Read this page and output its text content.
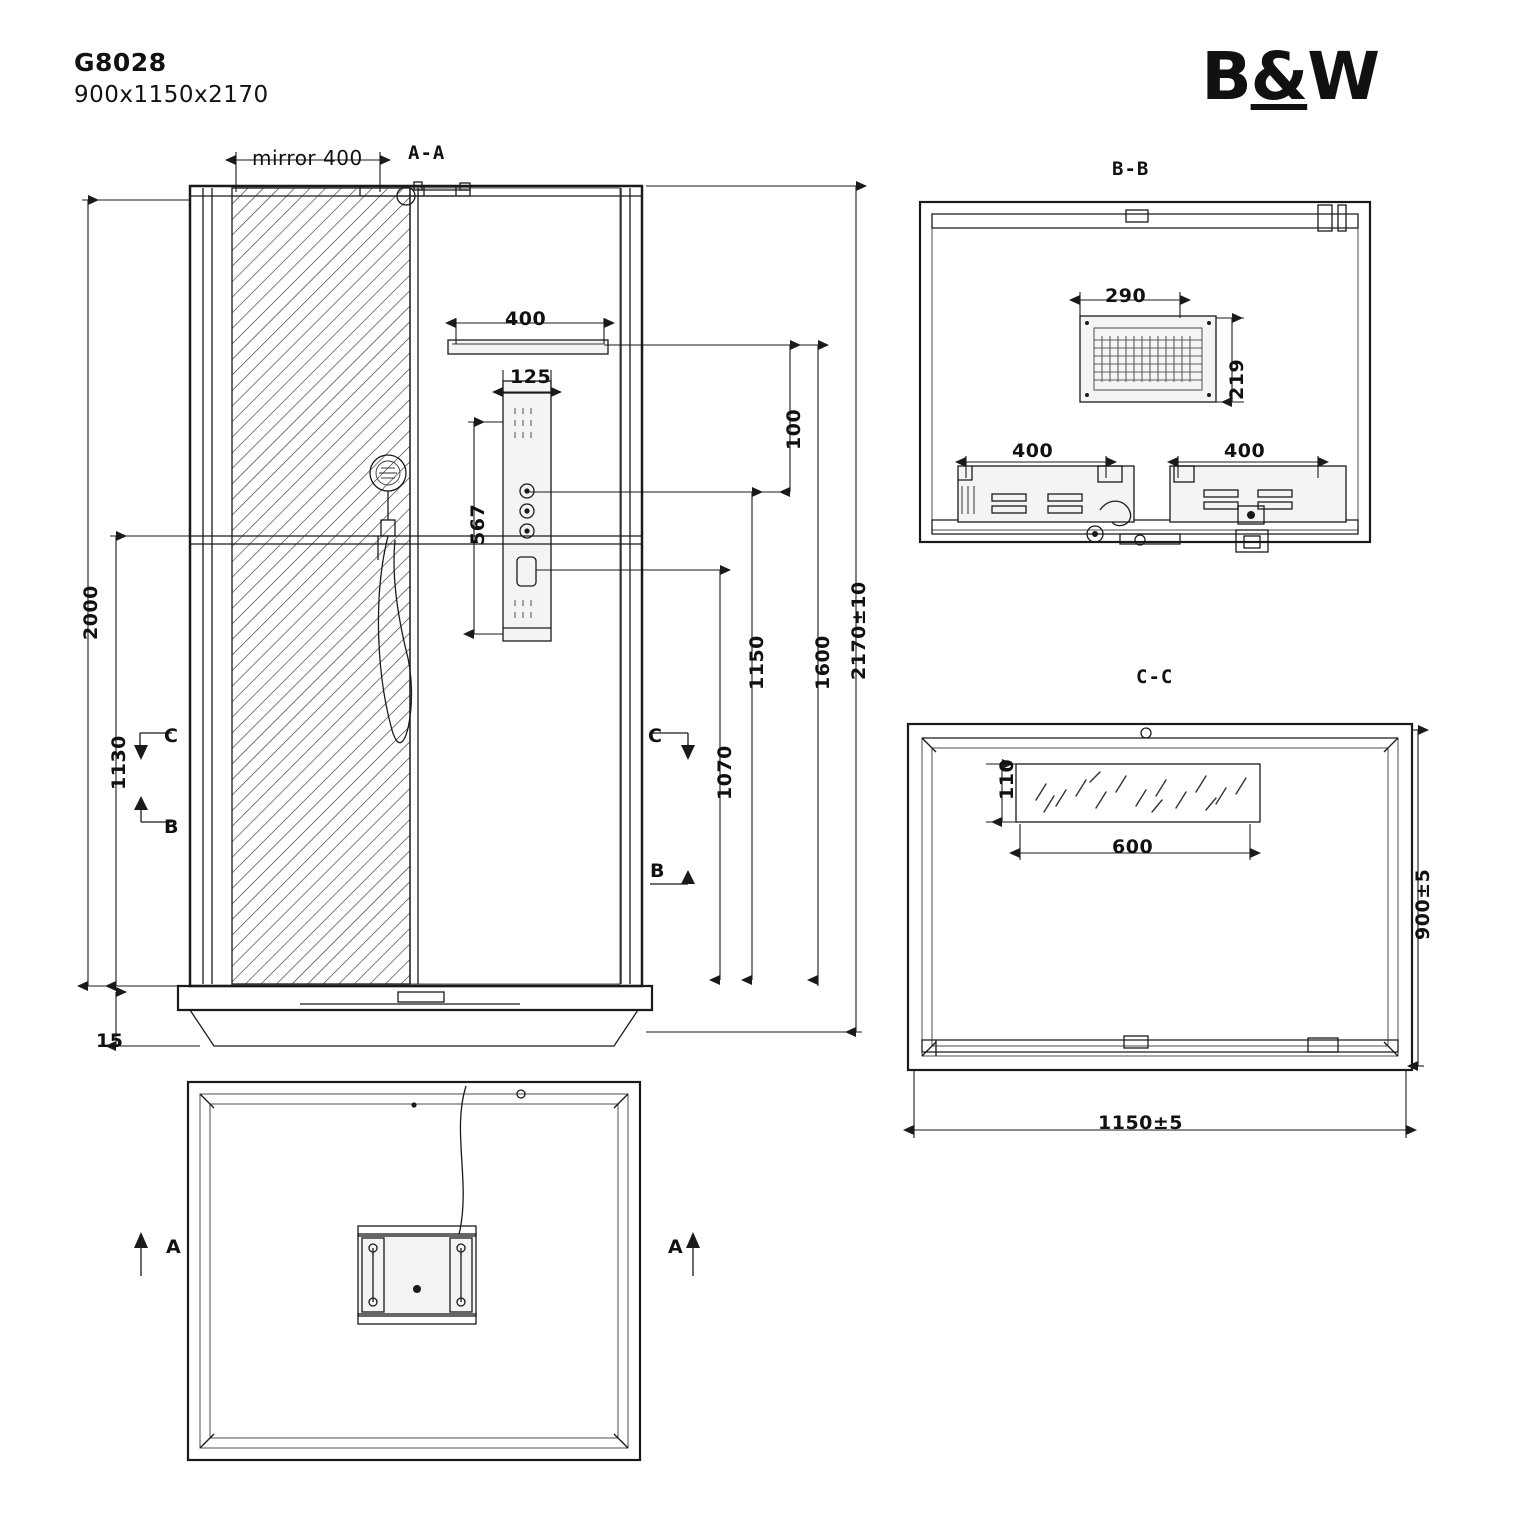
G8028
900x1150x2170	B&W
A-A
mirror 400
2000
1130
15
2170±10
400
125
567
100
1600
1150
1070
C
B
C
B
A	A
B-B
290
219
400	400
C-C
110
600
900±5
1150±5
